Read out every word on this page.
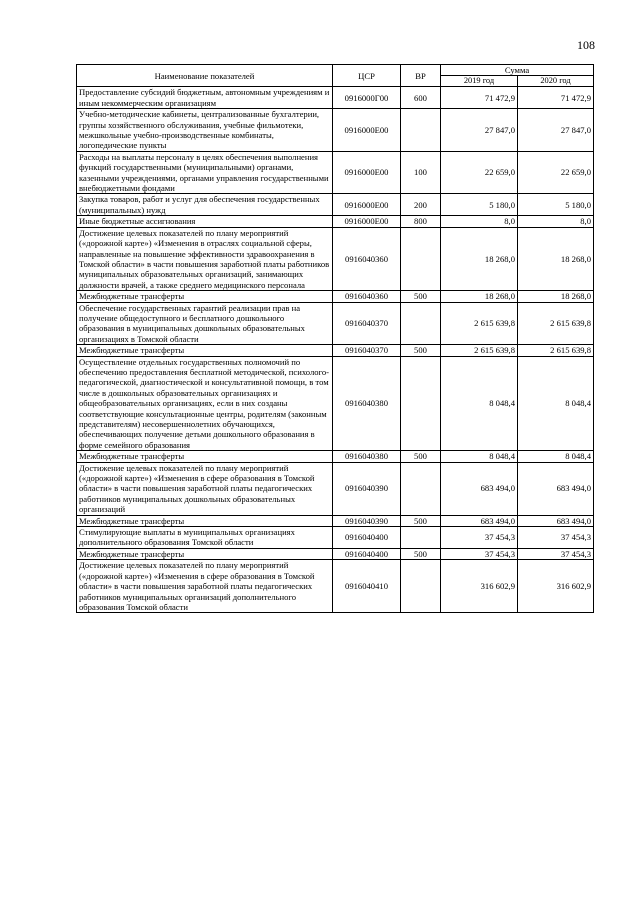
108
Наименование показателей	ЦСР	ВР	Сумма	
			2019 год	2020 год
Предоставление субсидий бюджетным, автономным учреждениям и иным некоммерческим организациям	0916000Г00	600	71 472,9	71 472,9
Учебно-методические кабинеты, централизованные бухгалтерии, группы хозяйственного обслуживания, учебные фильмотеки, межшкольные учебно-производственные комбинаты, логопедические пункты	0916000Е00		27 847,0	27 847,0
Расходы на выплаты персоналу в целях обеспечения выполнения функций государственными (муниципальными) органами, казенными учреждениями, органами управления государственными внебюджетными фондами	0916000Е00	100	22 659,0	22 659,0
Закупка товаров, работ и услуг для обеспечения государственных (муниципальных) нужд	0916000Е00	200	5 180,0	5 180,0
Иные бюджетные ассигнования	0916000Е00	800	8,0	8,0
Достижение целевых показателей по плану мероприятий («дорожной карте») «Изменения в отраслях социальной сферы, направленные на повышение эффективности здравоохранения в Томской области» в части повышения заработной платы работников муниципальных образовательных организаций, занимающих должности врачей, а также среднего медицинского персонала	0916040360		18 268,0	18 268,0
Межбюджетные трансферты	0916040360	500	18 268,0	18 268,0
Обеспечение государственных гарантий реализации прав на получение общедоступного и бесплатного дошкольного образования в муниципальных дошкольных образовательных организациях в Томской области	0916040370		2 615 639,8	2 615 639,8
Межбюджетные трансферты	0916040370	500	2 615 639,8	2 615 639,8
Осуществление отдельных государственных полномочий по обеспечению предоставления бесплатной методической, психолого-педагогической, диагностической и консультативной помощи, в том числе в дошкольных образовательных организациях и общеобразовательных организациях, если в них созданы соответствующие консультационные центры, родителям (законным представителям) несовершеннолетних обучающихся, обеспечивающих получение детьми дошкольного образования в форме семейного образования	0916040380		8 048,4	8 048,4
Межбюджетные трансферты	0916040380	500	8 048,4	8 048,4
Достижение целевых показателей по плану мероприятий («дорожной карте») «Изменения в сфере образования в Томской области» в части повышения заработной платы педагогических работников муниципальных дошкольных образовательных организаций	0916040390		683 494,0	683 494,0
Межбюджетные трансферты	0916040390	500	683 494,0	683 494,0
Стимулирующие выплаты в муниципальных организациях дополнительного образования Томской области	0916040400		37 454,3	37 454,3
Межбюджетные трансферты	0916040400	500	37 454,3	37 454,3
Достижение целевых показателей по плану мероприятий («дорожной карте») «Изменения в сфере образования в Томской области» в части повышения заработной платы педагогических работников муниципальных организаций дополнительного образования Томской области	0916040410		316 602,9	316 602,9
